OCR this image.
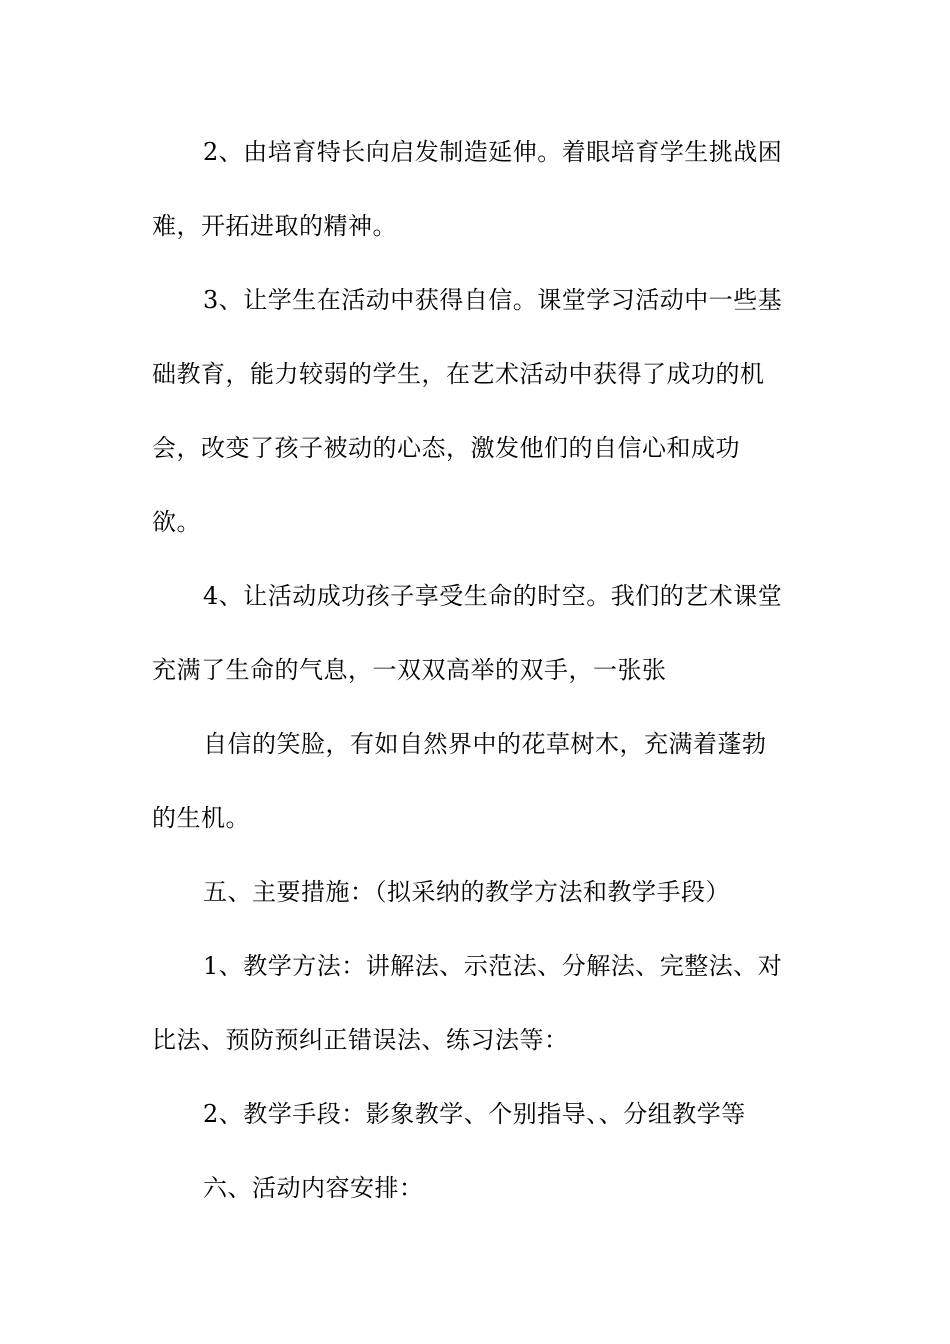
2、由培育特长向启发制造延伸。着眼培育学生挑战困
难，开拓进取的精神。
3、让学生在活动中获得自信。课堂学习活动中一些基
础教育，能力较弱的学生，在艺术活动中获得了成功的机
会，改变了孩子被动的心态，激发他们的自信心和成功
欲。
4、让活动成功孩子享受生命的时空。我们的艺术课堂
充满了生命的气息，一双双高举的双手，一张张
自信的笑脸，有如自然界中的花草树木，充满着蓬勃
的生机。
五、主要措施：（拟采纳的教学方法和教学手段）
1、教学方法：讲解法、示范法、分解法、完整法、对
比法、预防预纠正错误法、练习法等：
2、教学手段：影象教学、个别指导、、分组教学等
六、活动内容安排：
